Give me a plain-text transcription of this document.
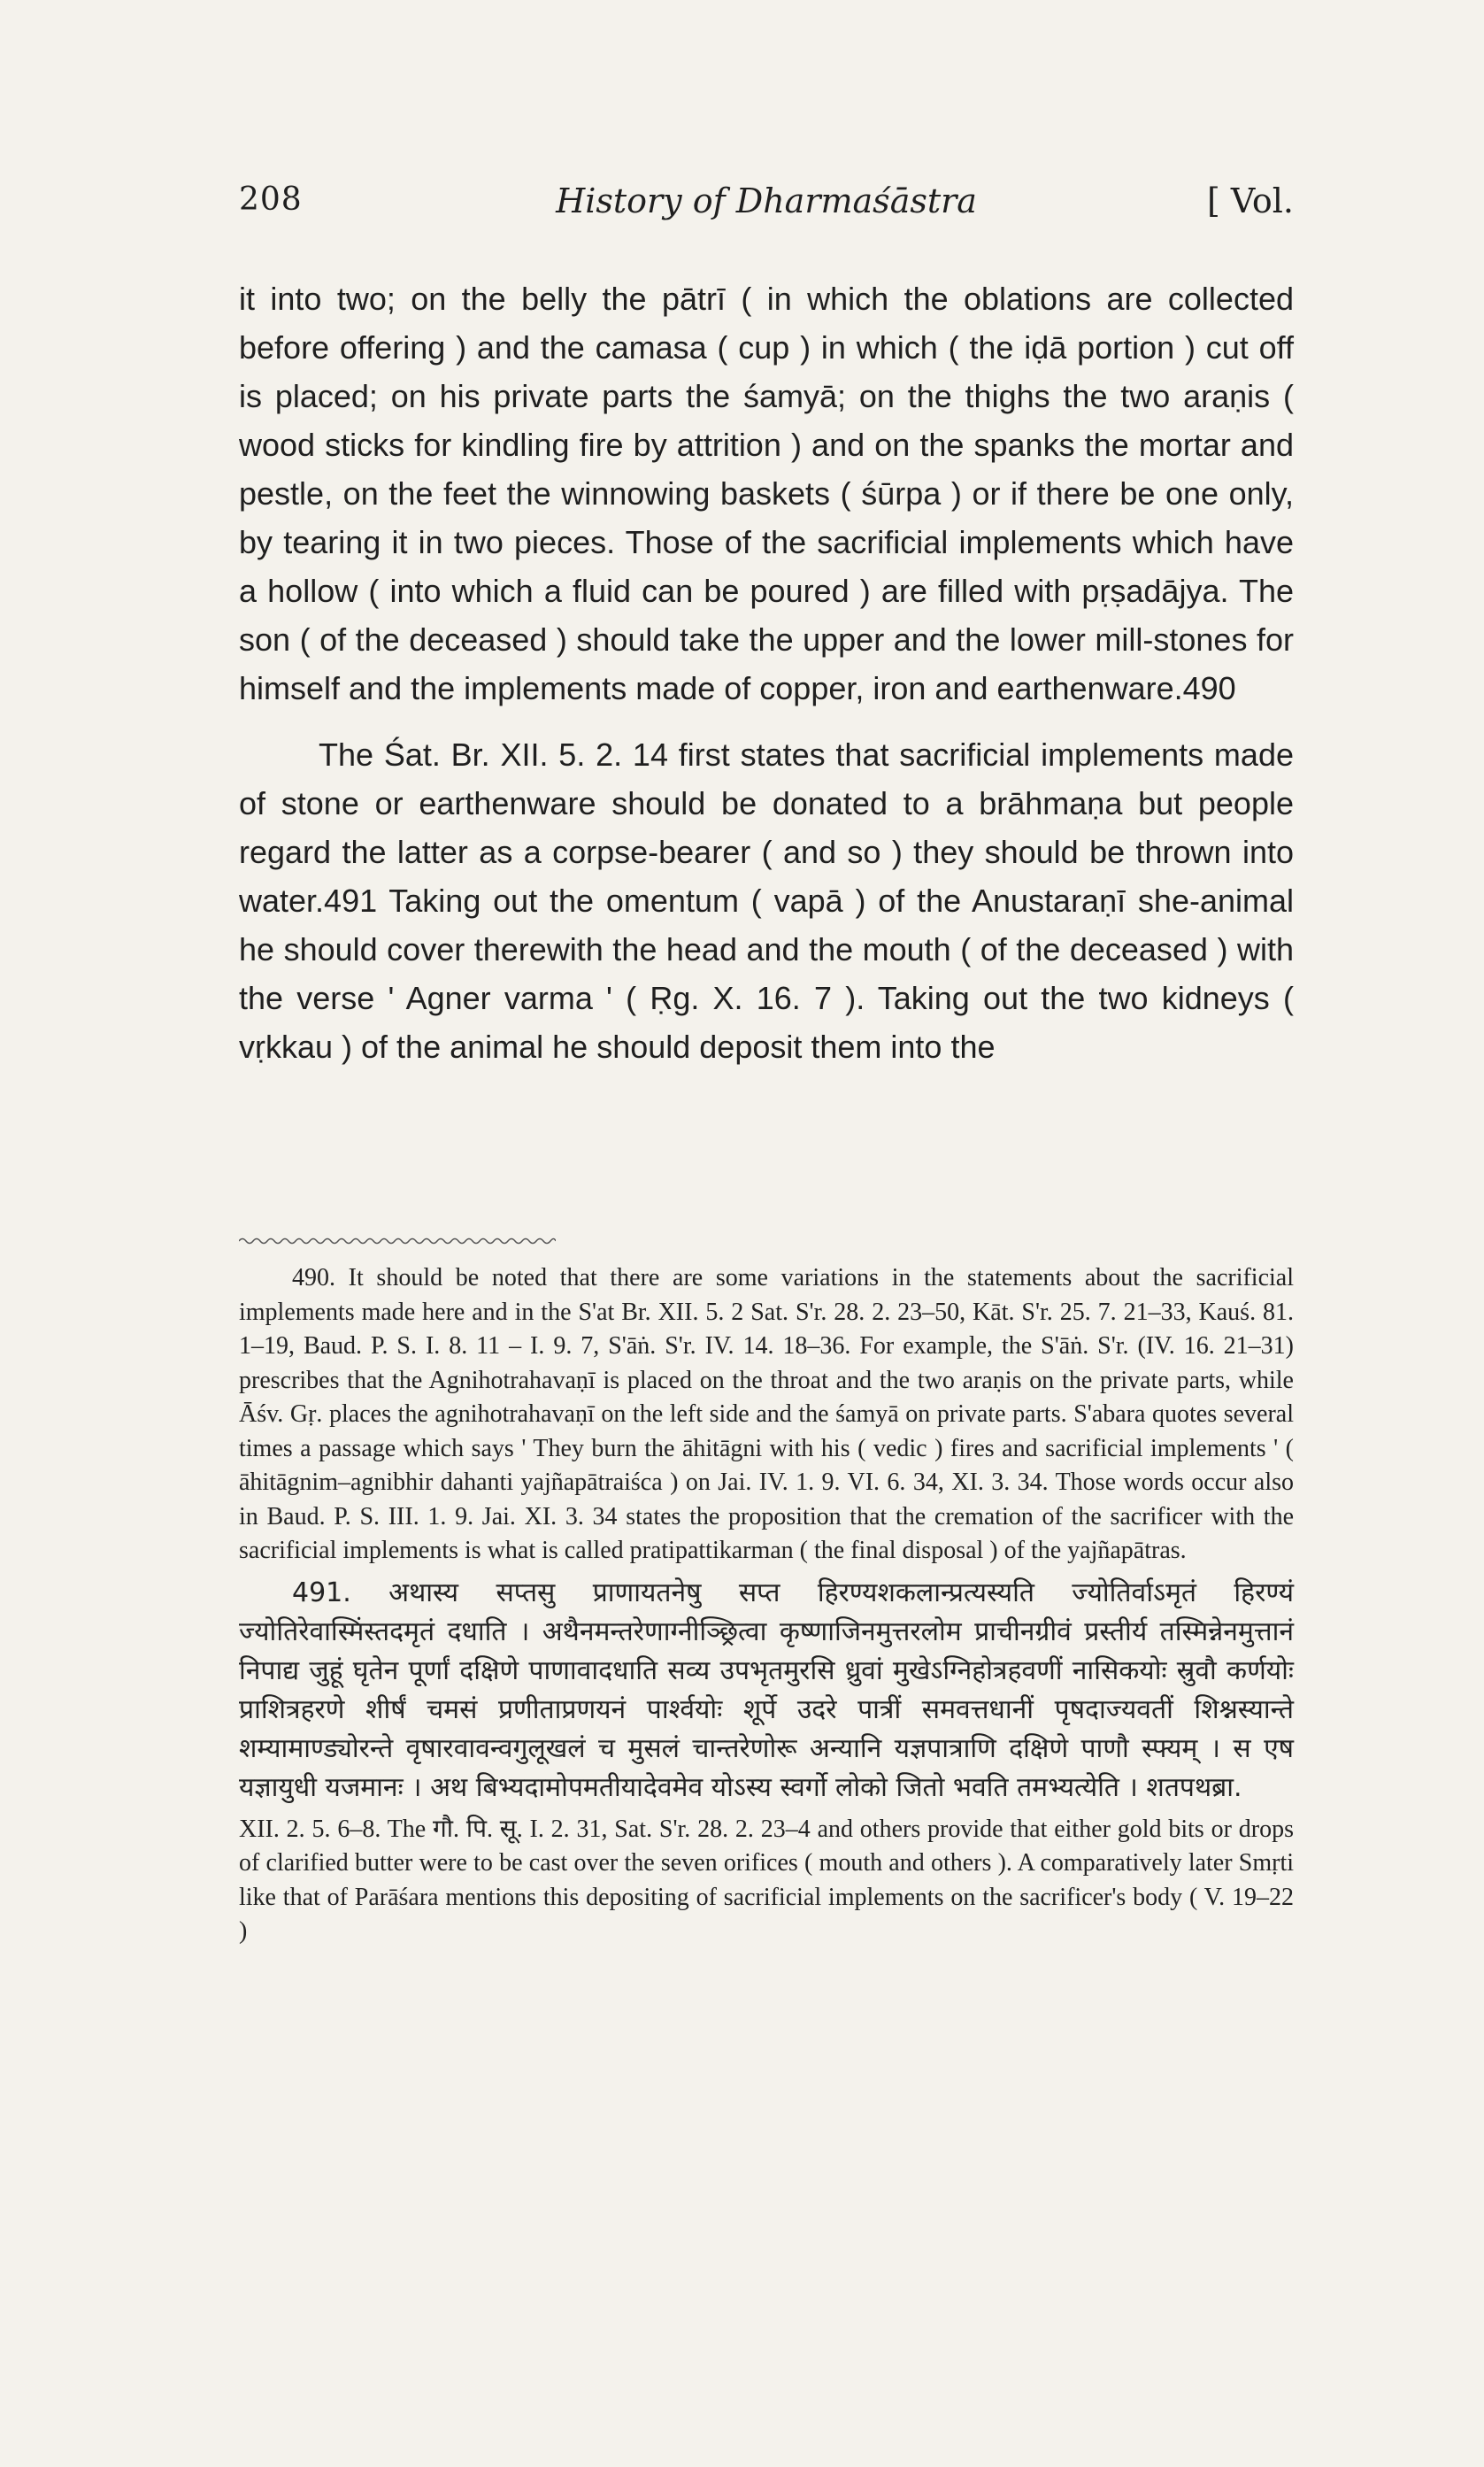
208	History of Dharmaśāstra	[ Vol.

it into two; on the belly the pātrī ( in which the oblations are collected before offering ) and the camasa ( cup ) in which ( the iḍā portion ) cut off is placed; on his private parts the śamyā; on the thighs the two araṇis ( wood sticks for kindling fire by attrition ) and on the spanks the mortar and pestle, on the feet the winnowing baskets ( śūrpa ) or if there be one only, by tearing it in two pieces. Those of the sacrificial implements which have a hollow ( into which a fluid can be poured ) are filled with pṛṣadājya. The son ( of the deceased ) should take the upper and the lower mill-stones for himself and the implements made of copper, iron and earthenware.490

The Śat. Br. XII. 5. 2. 14 first states that sacrificial implements made of stone or earthenware should be donated to a brāhmaṇa but people regard the latter as a corpse-bearer ( and so ) they should be thrown into water.491 Taking out the omentum ( vapā ) of the Anustaraṇī she-animal he should cover therewith the head and the mouth ( of the deceased ) with the verse ' Agner varma ' ( Ṛg. X. 16. 7 ). Taking out the two kidneys ( vṛkkau ) of the animal he should deposit them into the

490. It should be noted that there are some variations in the statements about the sacrificial implements made here and in the S'at Br. XII. 5. 2 Sat. S'r. 28. 2. 23–50, Kāt. S'r. 25. 7. 21–33, Kauś. 81. 1–19, Baud. P. S. I. 8. 11 – I. 9. 7, S'āṅ. S'r. IV. 14. 18–36. For example, the S'āṅ. S'r. (IV. 16. 21–31) prescribes that the Agnihotrahavaṇī is placed on the throat and the two araṇis on the private parts, while Āśv. Gṛ. places the agnihotrahavaṇī on the left side and the śamyā on private parts. S'abara quotes several times a passage which says ' They burn the āhitāgni with his ( vedic ) fires and sacrificial implements ' ( āhitāgnim–agnibhir dahanti yajñapātraiśca ) on Jai. IV. 1. 9. VI. 6. 34, XI. 3. 34. Those words occur also in Baud. P. S. III. 1. 9. Jai. XI. 3. 34 states the proposition that the cremation of the sacrificer with the sacrificial implements is what is called pratipattikarman ( the final disposal ) of the yajñapātras.

491. अथास्य सप्तसु प्राणायतनेषु सप्त हिरण्यशकलान्प्रत्यस्यति ज्योतिर्वाऽमृतं हिरण्यं ज्योतिरेवास्मिंस्तदमृतं दधाति । अथैनमन्तरेणाग्नीञ्छ्रित्वा कृष्णाजिनमुत्तरलोम प्राचीनग्रीवं प्रस्तीर्य तस्मिन्नेनमुत्तानं निपाद्य जुहूं घृतेन पूर्णां दक्षिणे पाणावादधाति सव्य उपभृतमुरसि ध्रुवां मुखेऽग्निहोत्रहवणीं नासिकयोः स्रुवौ कर्णयोः प्राशित्रहरणे शीर्षं चमसं प्रणीताप्रणयनं पार्श्वयोः शूर्पे उदरे पात्रीं समवत्तधानीं पृषदाज्यवतीं शिश्नस्यान्ते शम्यामाण्ड्योरन्ते वृषारवावन्वगुलूखलं च मुसलं चान्तरेणोरू अन्यानि यज्ञपात्राणि दक्षिणे पाणौ स्फ्यम् । स एष यज्ञायुधी यजमानः । अथ बिभ्यदामोपमतीयादेवमेव योऽस्य स्वर्गो लोको जितो भवति तमभ्यत्येति । शतपथब्रा.

XII. 2. 5. 6–8. The गौ. पि. सू. I. 2. 31, Sat. S'r. 28. 2. 23–4 and others provide that either gold bits or drops of clarified butter were to be cast over the seven orifices ( mouth and others ). A comparatively later Smṛti like that of Parāśara mentions this depositing of sacrificial implements on the sacrificer's body ( V. 19–22 )
